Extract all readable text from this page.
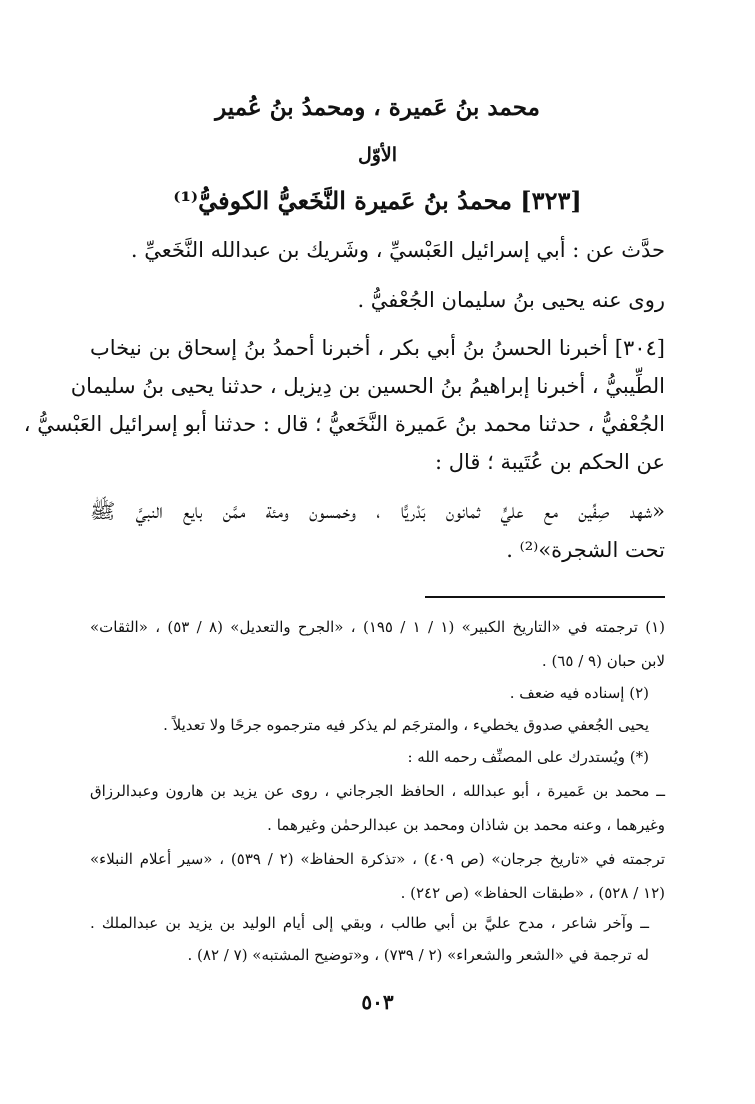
محمد بنُ عَميرة ، ومحمدُ بنُ عُمير
الأوّل
[٣٢٣] محمدُ بنُ عَميرة النَّخَعيُّ الكوفيُّ⁽¹⁾
حدَّث عن : أبي إسرائيل العَبْسيِّ ، وشَريك بن عبدالله النَّخَعيِّ .
روى عنه يحيى بنُ سليمان الجُعْفيُّ .
[٣٠٤] أخبرنا الحسنُ بنُ أبي بكر ، أخبرنا أحمدُ بنُ إسحاق بن نيخاب
الطِّيبيُّ ، أخبرنا إبراهيمُ بنُ الحسين بن دِيزيل ، حدثنا يحيى بنُ سليمان
الجُعْفيُّ ، حدثنا محمد بنُ عَميرة النَّخَعيُّ ؛ قال : حدثنا أبو إسرائيل العَبْسيُّ ،
عن الحكم بن عُتَيبة ؛ قال :
«شهد صِفِّين مع عليٍّ ثمانون بَدْريًّا ، وخمسون ومئة ممَّن بايع النبيَّ ﷺ
تحت الشجرة»⁽²⁾ .
(١) ترجمته في «التاريخ الكبير» (١ / ١ / ١٩٥) ، «الجرح والتعديل» (٨ / ٥٣) ، «الثقات»
لابن حبان (٩ / ٦٥) .
(٢) إسناده فيه ضعف .
يحيى الجُعفي صدوق يخطيء ، والمترجَم لم يذكر فيه مترجموه جرحًا ولا تعديلاً .
(*) ويُستدرك على المصنِّف رحمه الله :
ــ محمد بن عَميرة ، أبو عبدالله ، الحافظ الجرجاني ، روى عن يزيد بن هارون وعبدالرزاق
وغيرهما ، وعنه محمد بن شاذان ومحمد بن عبدالرحمٰن وغيرهما .
ترجمته في «تاريخ جرجان» (ص ٤٠٩) ، «تذكرة الحفاظ» (٢ / ٥٣٩) ، «سير أعلام النبلاء»
(١٢ / ٥٢٨) ، «طبقات الحفاظ» (ص ٢٤٢) .
ــ وآخر شاعر ، مدح عليَّ بن أبي طالب ، وبقي إلى أيام الوليد بن يزيد بن عبدالملك .
له ترجمة في «الشعر والشعراء» (٢ / ٧٣٩) ، و«توضيح المشتبه» (٧ / ٨٢) .
٥٠٣
